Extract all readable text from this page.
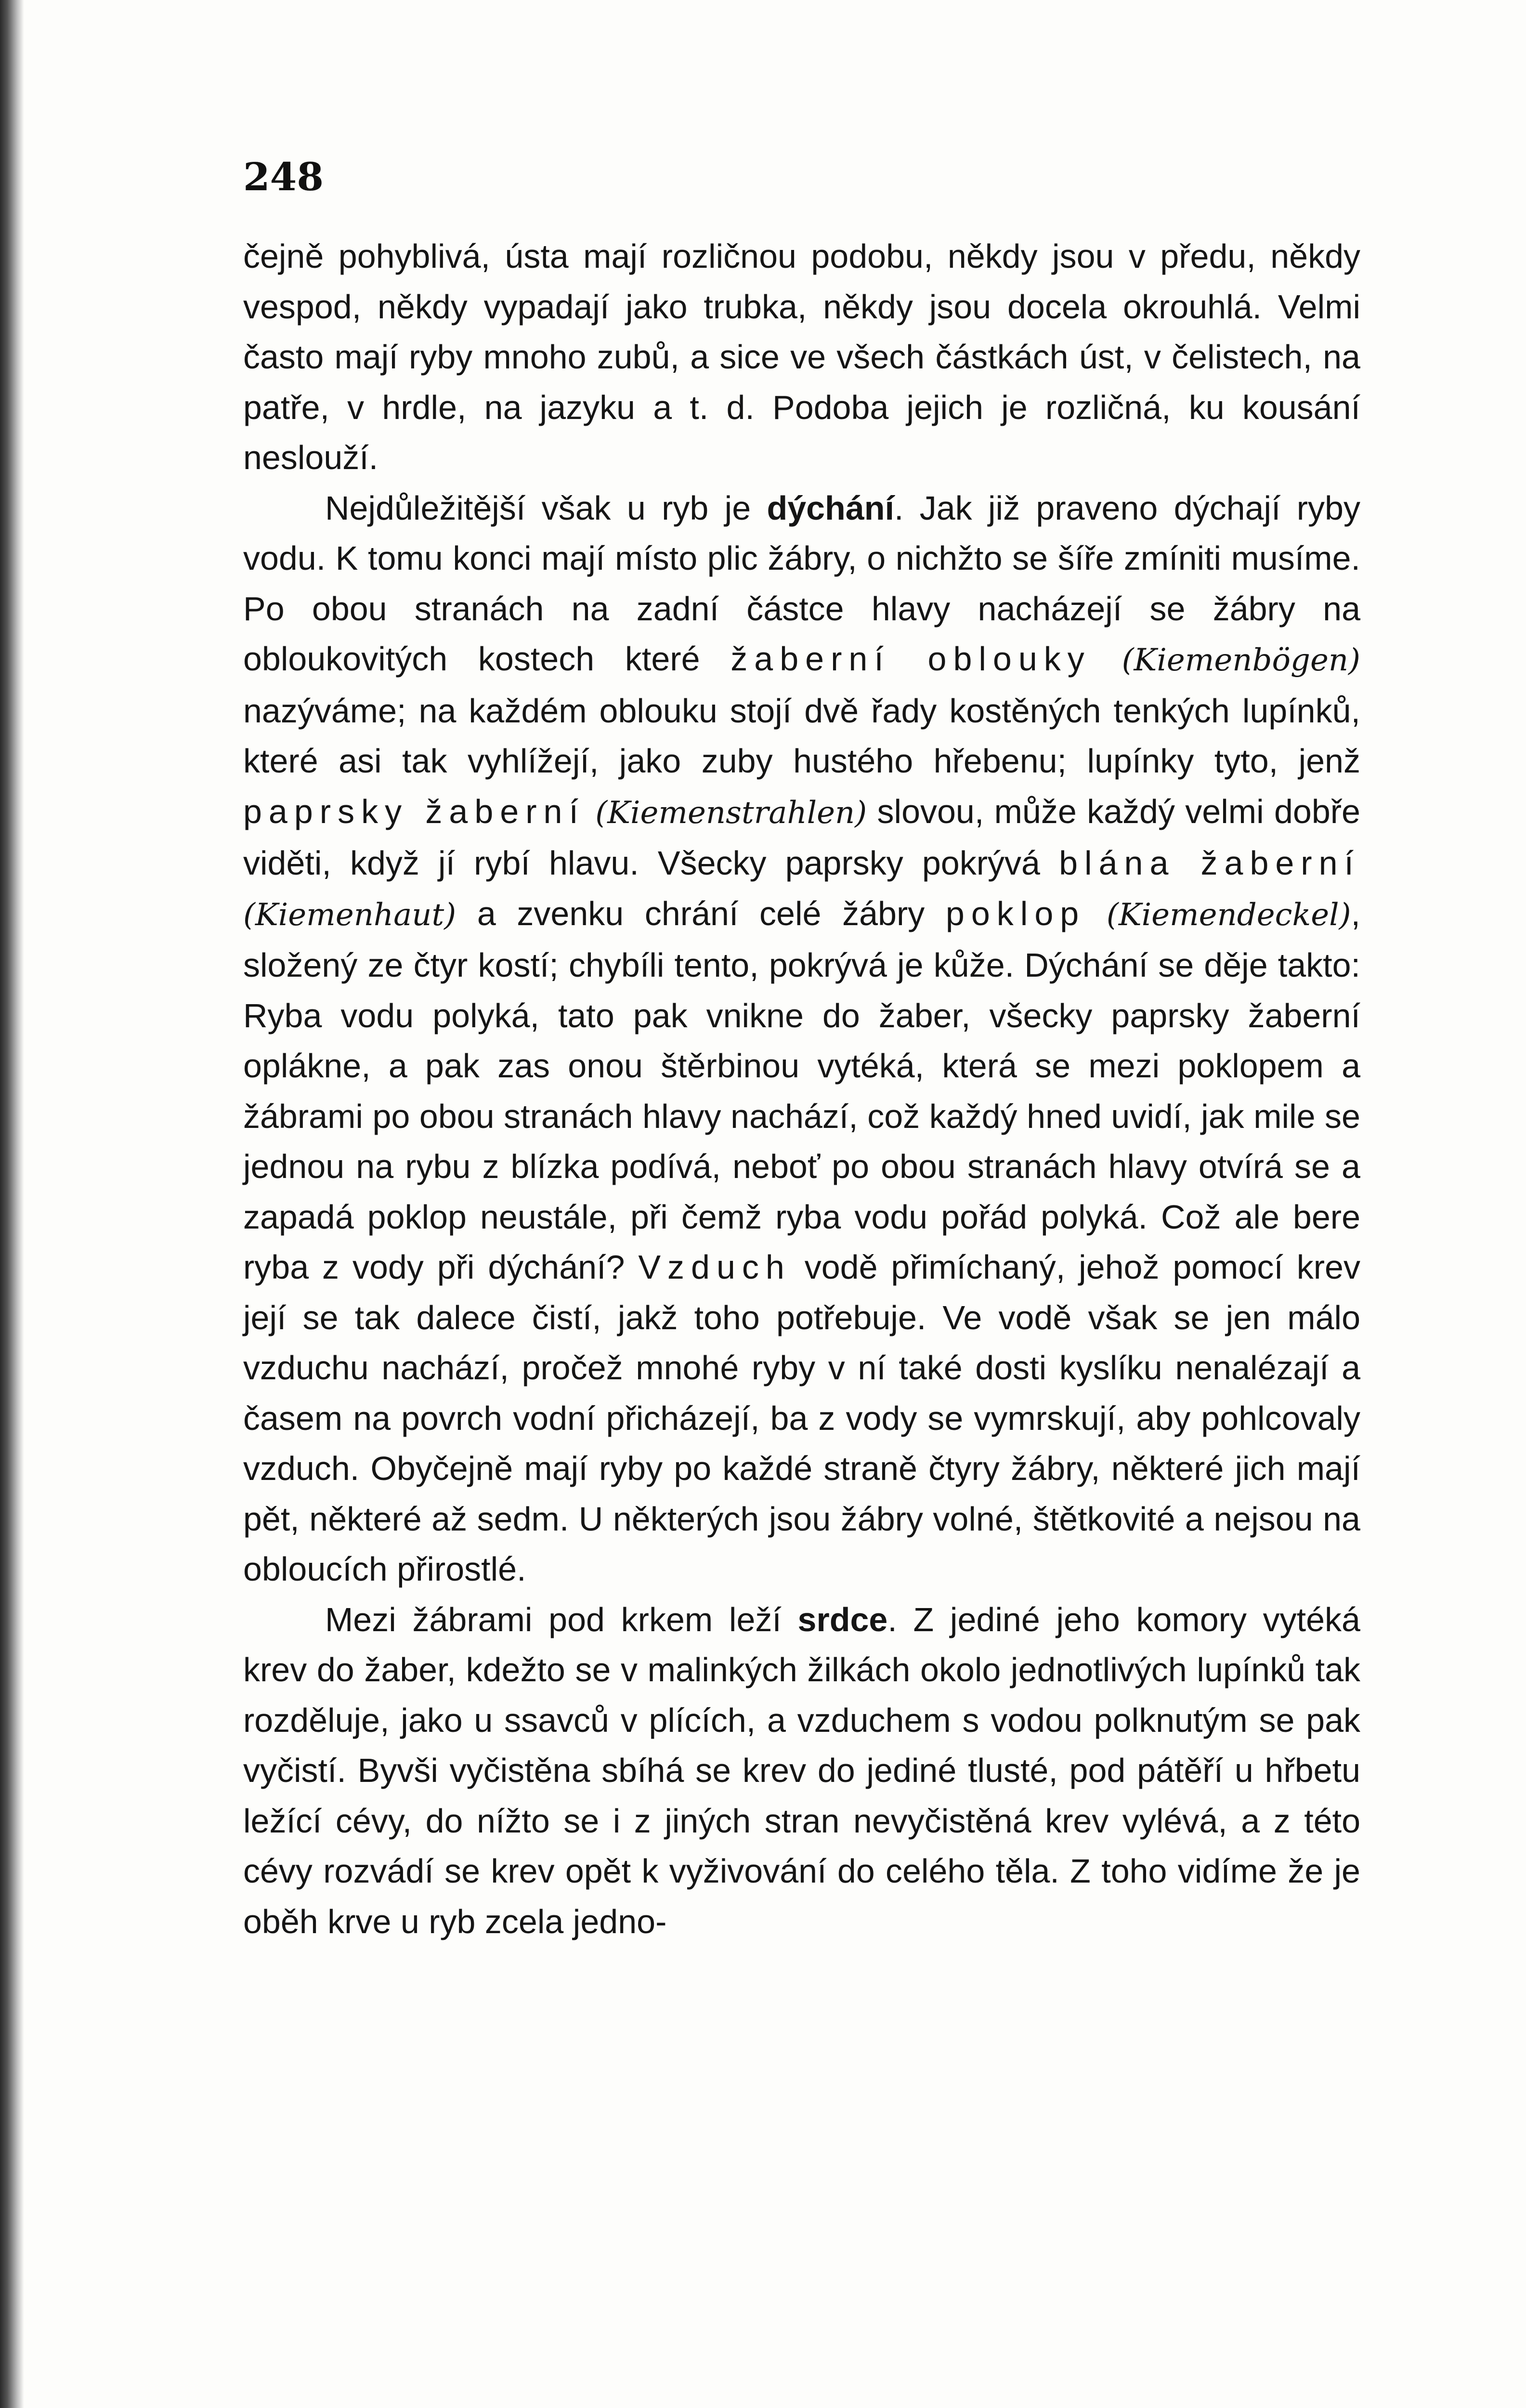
248

čejně pohyblivá, ústa mají rozličnou podobu, někdy jsou v předu, někdy vespod, někdy vypadají jako trubka, někdy jsou docela okrouhlá. Velmi často mají ryby mnoho zubů, a sice ve všech částkách úst, v čelistech, na patře, v hrdle, na jazyku a t. d. Podoba jejich je rozličná, ku kousání neslouží.

Nejdůležitější však u ryb je dýchání. Jak již praveno dýchají ryby vodu. K tomu konci mají místo plic žábry, o nichžto se šíře zmíniti musíme. Po obou stranách na zadní částce hlavy nacházejí se žábry na obloukovitých kostech které žaberní oblouky (Kiemenbögen) nazýváme; na každém oblouku stojí dvě řady kostěných tenkých lupínků, které asi tak vyhlížejí, jako zuby hustého hřebenu; lupínky tyto, jenž paprsky žaberní (Kiemenstrahlen) slovou, může každý velmi dobře viděti, když jí rybí hlavu. Všecky paprsky pokrývá blána žaberní (Kiemenhaut) a zvenku chrání celé žábry poklop (Kiemendeckel), složený ze čtyr kostí; chybíli tento, pokrývá je kůže. Dýchání se děje takto: Ryba vodu polyká, tato pak vnikne do žaber, všecky paprsky žaberní oplákne, a pak zas onou štěrbinou vytéká, která se mezi poklopem a žábrami po obou stranách hlavy nachází, což každý hned uvidí, jak mile se jednou na rybu z blízka podívá, neboť po obou stranách hlavy otvírá se a zapadá poklop neustále, při čemž ryba vodu pořád polyká. Což ale bere ryba z vody při dýchání? Vzduch vodě přimíchaný, jehož pomocí krev její se tak dalece čistí, jakž toho potřebuje. Ve vodě však se jen málo vzduchu nachází, pročež mnohé ryby v ní také dosti kyslíku nenalézají a časem na povrch vodní přicházejí, ba z vody se vymrskují, aby pohlcovaly vzduch. Obyčejně mají ryby po každé straně čtyry žábry, některé jich mají pět, některé až sedm. U některých jsou žábry volné, štětkovité a nejsou na obloucích přirostlé.

Mezi žábrami pod krkem leží srdce. Z jediné jeho komory vytéká krev do žaber, kdežto se v malinkých žilkách okolo jednotlivých lupínků tak rozděluje, jako u ssavců v plících, a vzduchem s vodou polknutým se pak vyčistí. Byvši vyčistěna sbíhá se krev do jediné tlusté, pod pátěří u hřbetu ležící cévy, do nížto se i z jiných stran nevyčistěná krev vylévá, a z této cévy rozvádí se krev opět k vyživování do celého těla. Z toho vidíme že je oběh krve u ryb zcela jedno-
